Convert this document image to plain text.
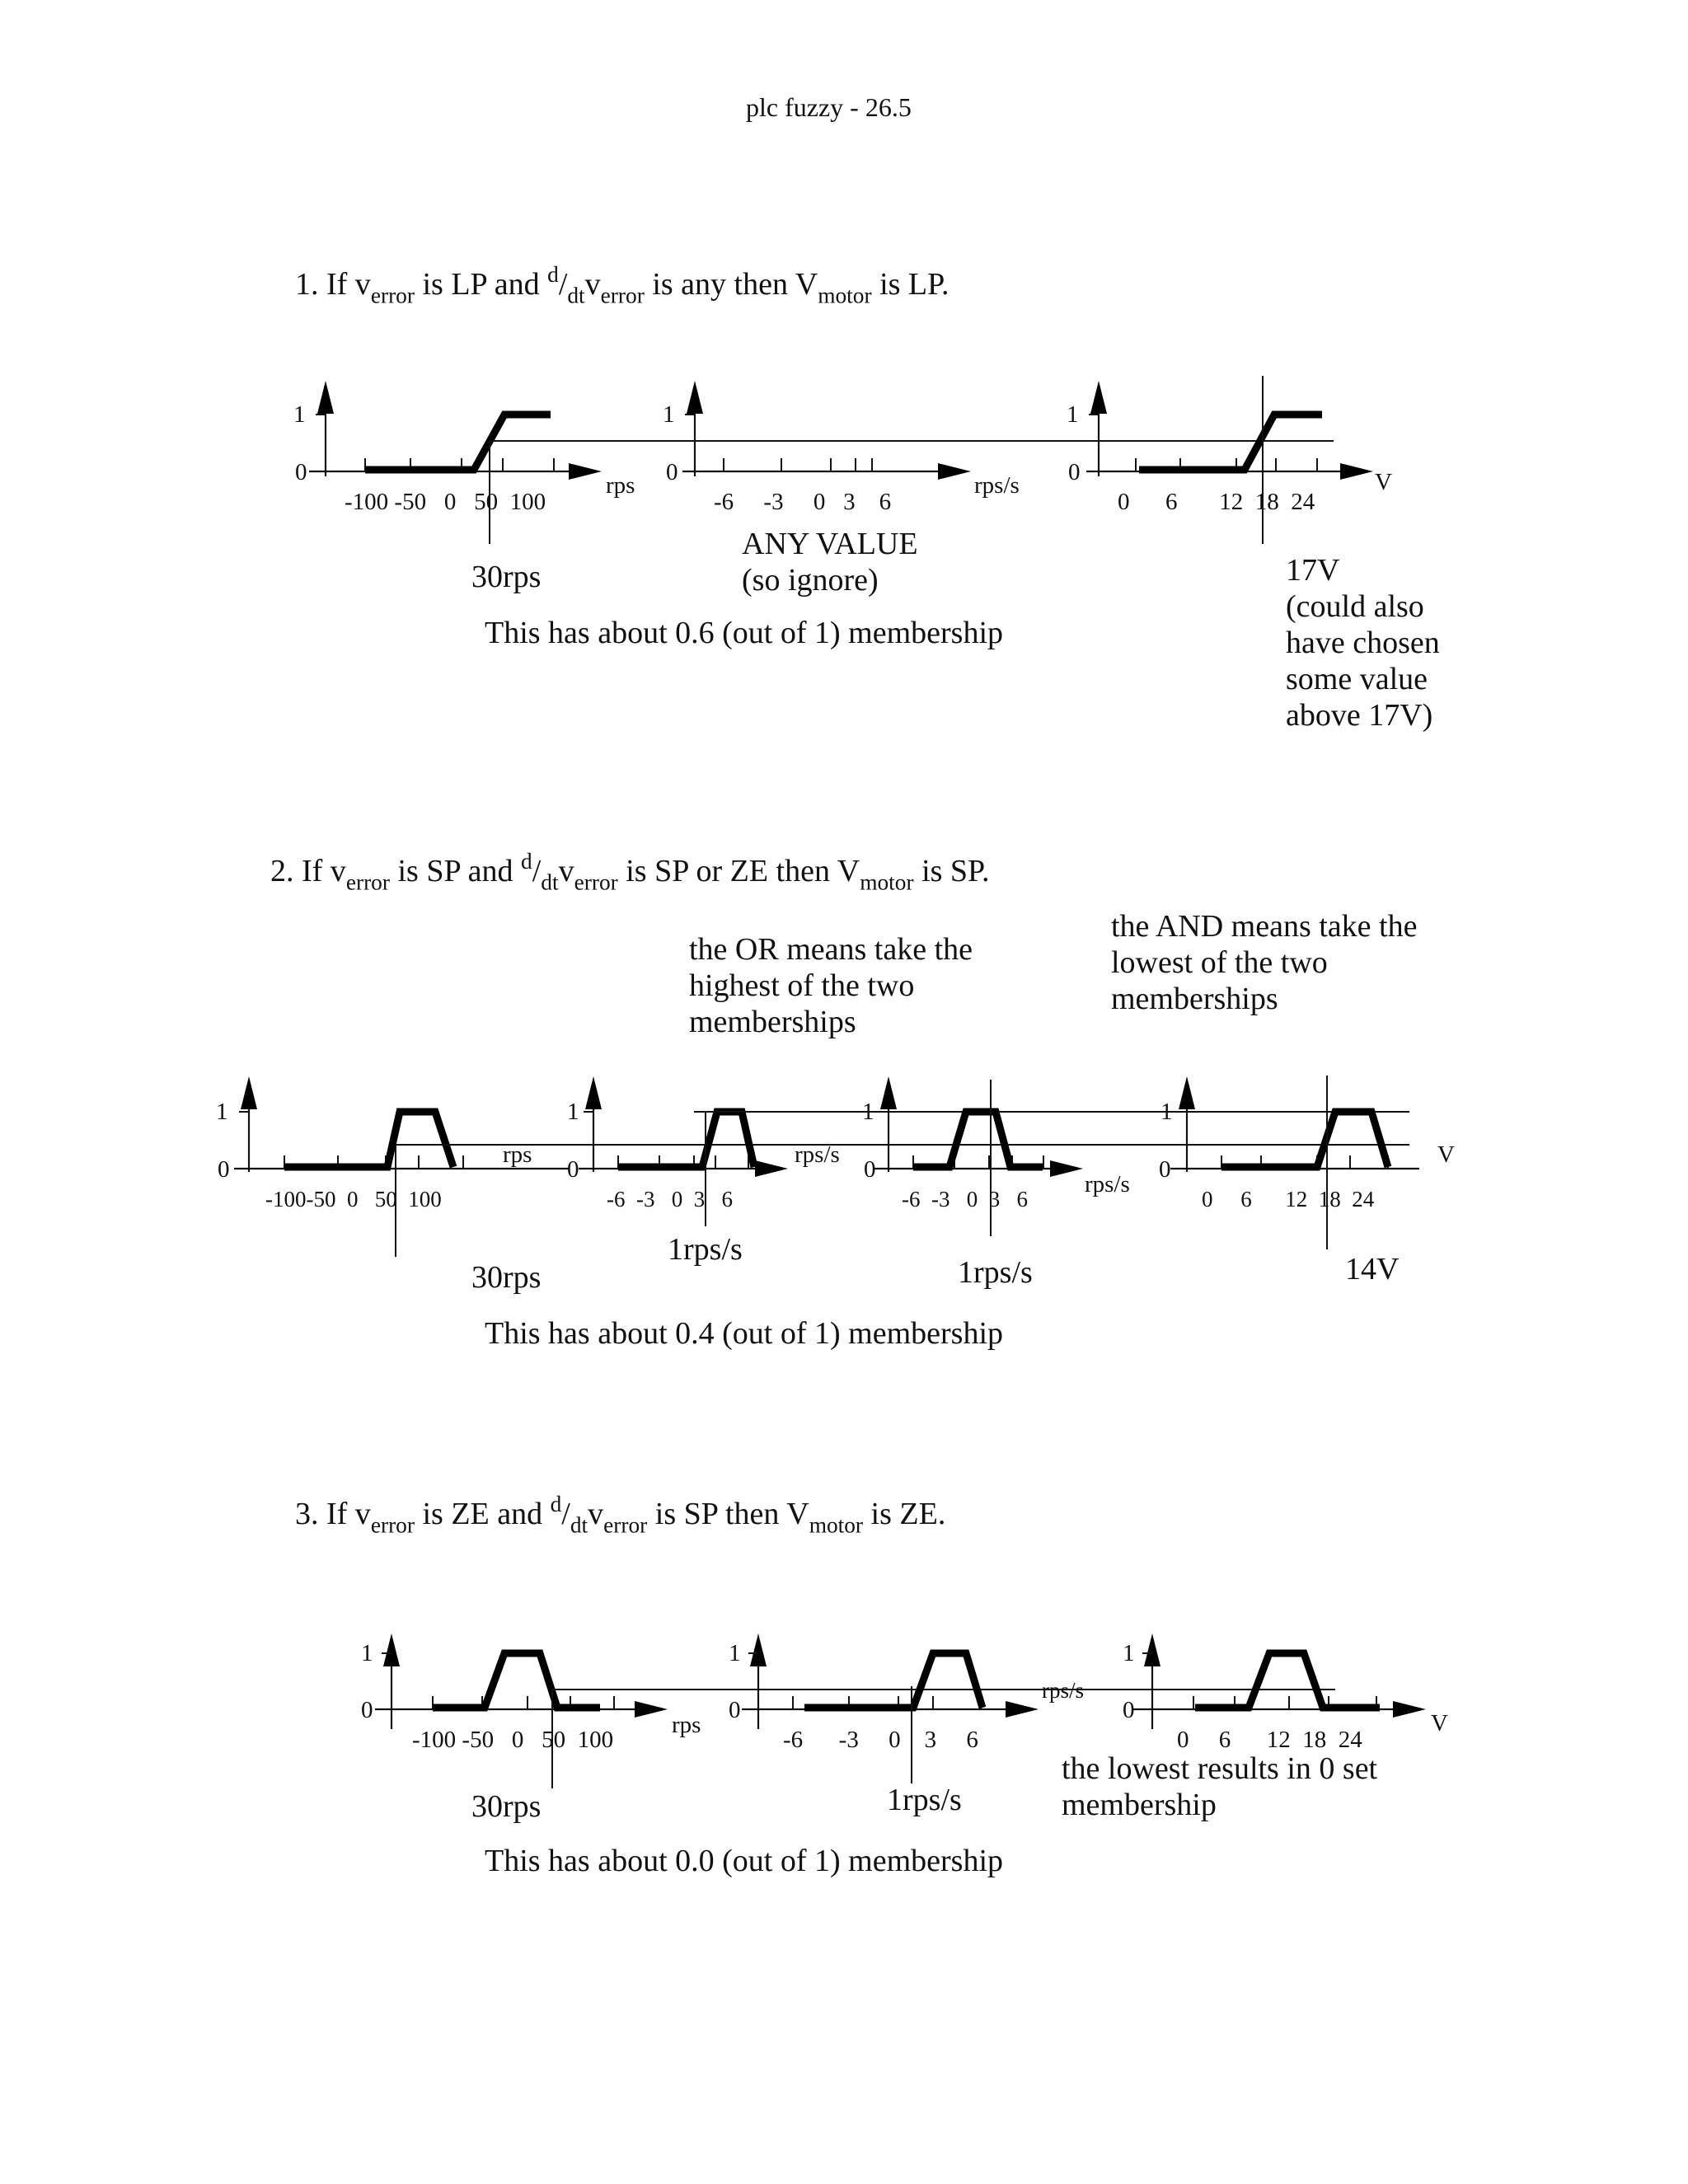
plc fuzzy - 26.5
1. If $v_{error}$ is LP and $^d/_{dt}v_{error}$ is any then $V_{motor}$ is LP.
2. If $v_{error}$ is SP and $^d/_{dt}v_{error}$ is SP or ZE then $V_{motor}$ is SP.
3. If $v_{error}$ is ZE and $^d/_{dt}v_{error}$ is SP then $V_{motor}$ is ZE.
30rps
ANY VALUE
(so ignore)
This has about 0.6 (out of 1) membership
17V
(could also
have chosen
some value
above 17V)
the OR means take the highest of the two memberships
the AND means take the lowest of the two memberships
30rps
1rps/s
1rps/s	14V
This has about 0.4 (out of 1) membership
30rps	1rps/s
the lowest results in 0 set membership
This has about 0.0 (out of 1) membership
1
0
-100 -50   0   50  100
rps
1
0
-6     -3     0   3    6
rps/s
1
0
0      6       12  18  24
V
1
0
-100-50  0   50  100
rps
1
0
-6  -3   0  3   6
rps/s
1
0
-6  -3   0  3   6
rps/s
1
0
0     6      12  18  24
V
1
0
-100 -50   0   50  100
rps
1
0
-6      -3     0    3     6
rps/s
1
0
0     6      12  18  24
V
